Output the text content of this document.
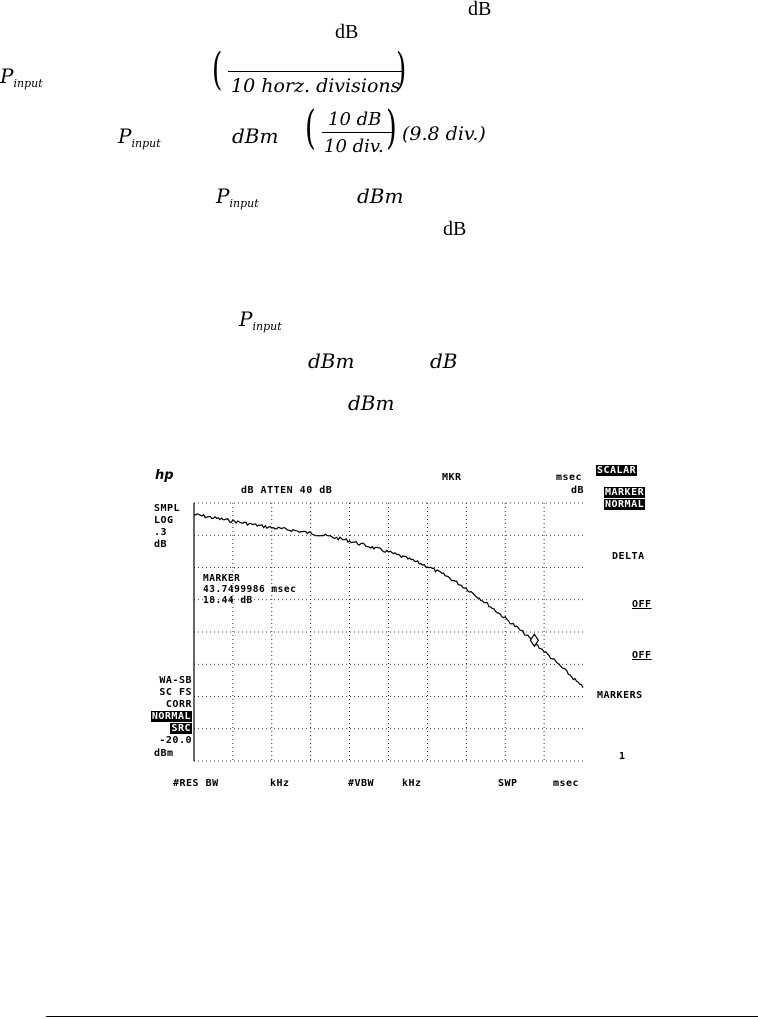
dB
dB
$P_{input}$	( 10 horz. divisions
)
$P_{input}$	dBm ( 10 dB
10 div. ) (9.8 div.)
$P_{input}$	dBm
dB
$P_{input}$
dBm	dB
dBm
hp
dB ATTEN 40 dB
MKR	msec
dB
SMPL
LOG
.3
dB
WA-SB
SC FS
CORR
NORMAL
SRC
-20.0
dBm
MARKER
43.7499986 msec
18.44 dB
SCALAR
MARKER
NORMAL
DELTA
OFF
OFF
MARKERS
1
#RES BW	kHz	#VBW	kHz	SWP	msec
